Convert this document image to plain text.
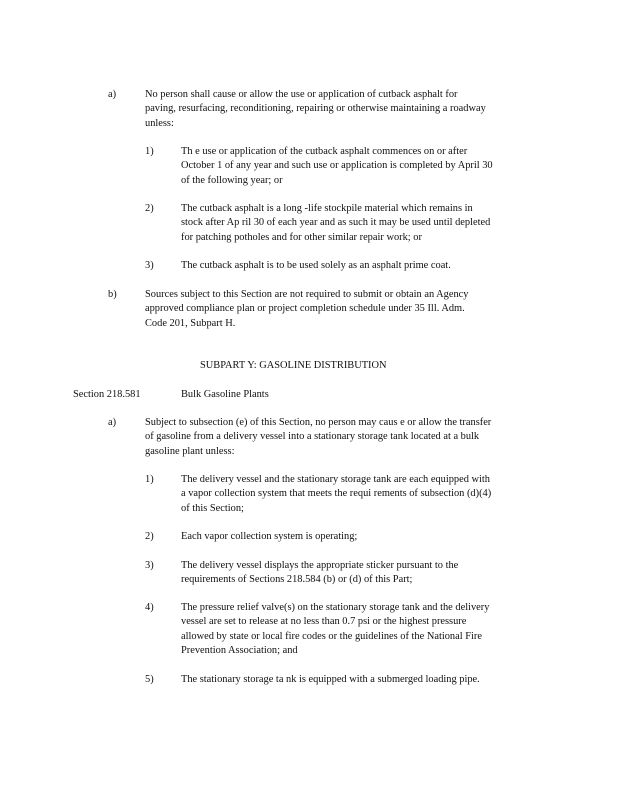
a)	No person shall cause or allow the use or application of cutback asphalt for
paving, resurfacing, reconditioning, repairing or otherwise maintaining a roadway
unless:
1)	Th e use or application of the cutback asphalt commences on or after
October 1 of any year and such use or application is completed by April 30
of the following year; or
2)	The cutback asphalt is a long -life stockpile material which remains in
stock after Ap ril 30 of each year and as such it may be used until depleted
for patching potholes and for other similar repair work; or
3)	The cutback asphalt is to be used solely as an asphalt prime coat.
b)	Sources subject to this Section are not required to submit or obtain an Agency
approved compliance plan or project completion schedule under 35 Ill. Adm.
Code 201, Subpart H.
SUBPART Y: GASOLINE DISTRIBUTION
Section 218.581	Bulk Gasoline Plants
a)	Subject to subsection (e) of this Section, no person may caus e or allow the transfer
of gasoline from a delivery vessel into a stationary storage tank located at a bulk
gasoline plant unless:
1)	The delivery vessel and the stationary storage tank are each equipped with
a vapor collection system that meets the requi rements of subsection (d)(4)
of this Section;
2)	Each vapor collection system is operating;
3)	The delivery vessel displays the appropriate sticker pursuant to the
requirements of Sections 218.584 (b) or (d) of this Part;
4)	The pressure relief valve(s) on the stationary storage tank and the delivery
vessel are set to release at no less than 0.7 psi or the highest pressure
allowed by state or local fire codes or the guidelines of the National Fire
Prevention Association; and
5)	The stationary storage ta nk is equipped with a submerged loading pipe.
